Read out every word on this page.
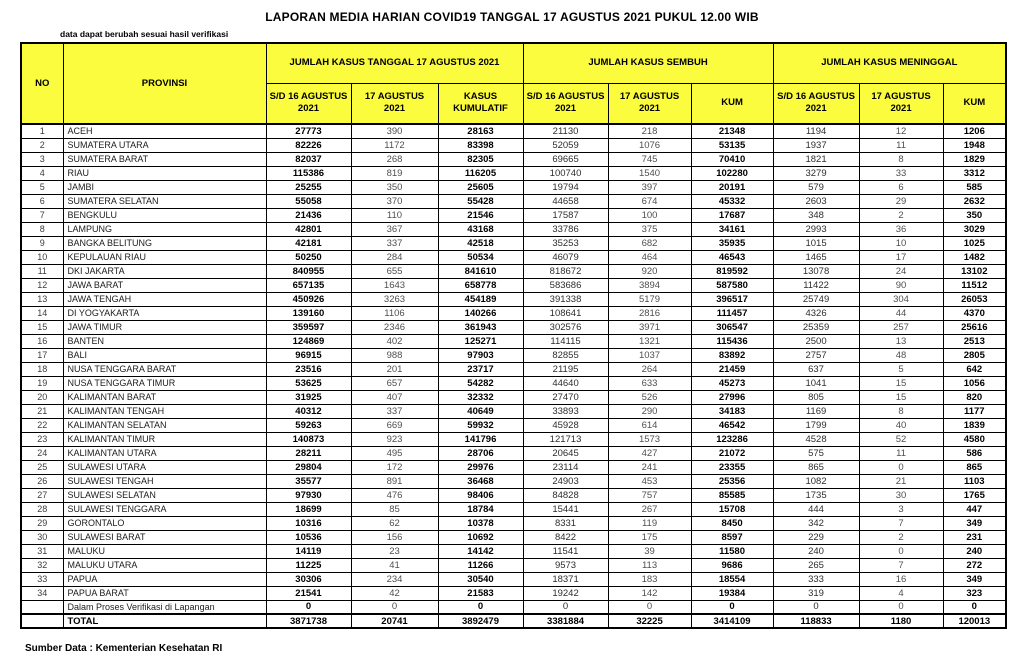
LAPORAN MEDIA HARIAN COVID19 TANGGAL 17 AGUSTUS 2021 PUKUL 12.00 WIB
data dapat berubah sesuai hasil verifikasi
NO	PROVINSI	JUMLAH KASUS TANGGAL 17 AGUSTUS 2021			JUMLAH KASUS SEMBUH			JUMLAH KASUS MENINGGAL		
		S/D 16 AGUSTUS 2021	17 AGUSTUS 2021	KASUS KUMULATIF	S/D 16 AGUSTUS 2021	17 AGUSTUS 2021	KUM	S/D 16 AGUSTUS 2021	17 AGUSTUS 2021	KUM
1	ACEH	27773	390	28163	21130	218	21348	1194	12	1206
2	SUMATERA UTARA	82226	1172	83398	52059	1076	53135	1937	11	1948
3	SUMATERA BARAT	82037	268	82305	69665	745	70410	1821	8	1829
4	RIAU	115386	819	116205	100740	1540	102280	3279	33	3312
5	JAMBI	25255	350	25605	19794	397	20191	579	6	585
6	SUMATERA SELATAN	55058	370	55428	44658	674	45332	2603	29	2632
7	BENGKULU	21436	110	21546	17587	100	17687	348	2	350
8	LAMPUNG	42801	367	43168	33786	375	34161	2993	36	3029
9	BANGKA BELITUNG	42181	337	42518	35253	682	35935	1015	10	1025
10	KEPULAUAN RIAU	50250	284	50534	46079	464	46543	1465	17	1482
11	DKI JAKARTA	840955	655	841610	818672	920	819592	13078	24	13102
12	JAWA BARAT	657135	1643	658778	583686	3894	587580	11422	90	11512
13	JAWA TENGAH	450926	3263	454189	391338	5179	396517	25749	304	26053
14	DI YOGYAKARTA	139160	1106	140266	108641	2816	111457	4326	44	4370
15	JAWA TIMUR	359597	2346	361943	302576	3971	306547	25359	257	25616
16	BANTEN	124869	402	125271	114115	1321	115436	2500	13	2513
17	BALI	96915	988	97903	82855	1037	83892	2757	48	2805
18	NUSA TENGGARA BARAT	23516	201	23717	21195	264	21459	637	5	642
19	NUSA TENGGARA TIMUR	53625	657	54282	44640	633	45273	1041	15	1056
20	KALIMANTAN BARAT	31925	407	32332	27470	526	27996	805	15	820
21	KALIMANTAN TENGAH	40312	337	40649	33893	290	34183	1169	8	1177
22	KALIMANTAN SELATAN	59263	669	59932	45928	614	46542	1799	40	1839
23	KALIMANTAN TIMUR	140873	923	141796	121713	1573	123286	4528	52	4580
24	KALIMANTAN UTARA	28211	495	28706	20645	427	21072	575	11	586
25	SULAWESI UTARA	29804	172	29976	23114	241	23355	865	0	865
26	SULAWESI TENGAH	35577	891	36468	24903	453	25356	1082	21	1103
27	SULAWESI SELATAN	97930	476	98406	84828	757	85585	1735	30	1765
28	SULAWESI TENGGARA	18699	85	18784	15441	267	15708	444	3	447
29	GORONTALO	10316	62	10378	8331	119	8450	342	7	349
30	SULAWESI BARAT	10536	156	10692	8422	175	8597	229	2	231
31	MALUKU	14119	23	14142	11541	39	11580	240	0	240
32	MALUKU UTARA	11225	41	11266	9573	113	9686	265	7	272
33	PAPUA	30306	234	30540	18371	183	18554	333	16	349
34	PAPUA BARAT	21541	42	21583	19242	142	19384	319	4	323
	Dalam Proses Verifikasi di Lapangan	0	0	0	0	0	0	0	0	0
	TOTAL	3871738	20741	3892479	3381884	32225	3414109	118833	1180	120013
Sumber Data : Kementerian Kesehatan RI
